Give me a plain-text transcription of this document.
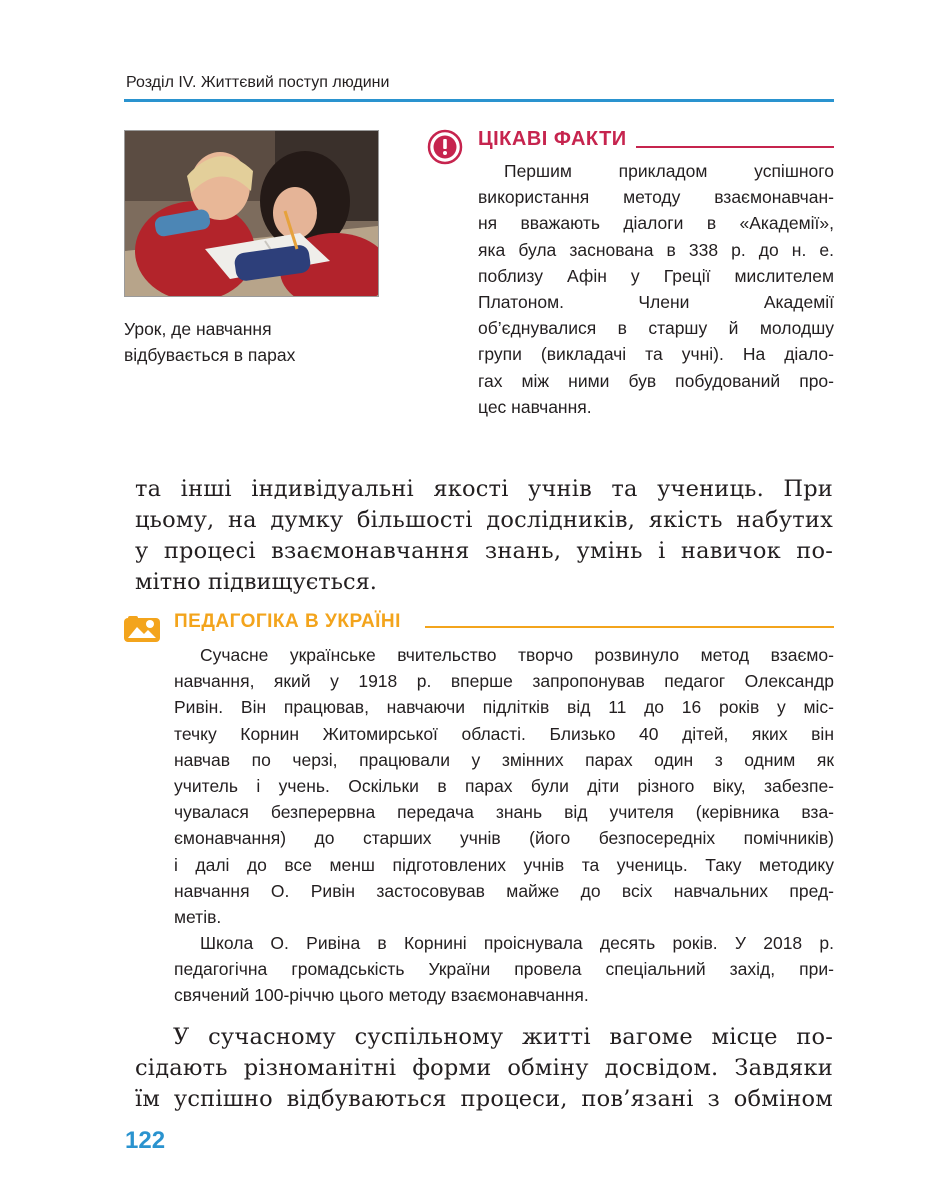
Розділ IV. Життєвий поступ людини
Урок, де навчання
відбувається в парах
ЦІКАВІ ФАКТИ
Першим прикладом успішного
використання методу взаємонавчан-
ня вважають діалоги в «Академії»,
яка була заснована в 338 р. до н. е.
поблизу Афін у Греції мислителем
Платоном. Члени Академії
об’єднувалися в старшу й молодшу
групи (викладачі та учні). На діало-
гах між ними був побудований про-
цес навчання.
та інші індивідуальні якості учнів та учениць. При
цьому, на думку більшості дослідників, якість набутих
у процесі взаємонавчання знань, умінь і навичок по-
мітно підвищується.
ПЕДАГОГІКА В УКРАЇНІ
Сучасне українське вчительство творчо розвинуло метод взаємо-
навчання, який у 1918 р. вперше запропонував педагог Олександр
Ривін. Він працював, навчаючи підлітків від 11 до 16 років у міс-
течку Корнин Житомирської області. Близько 40 дітей, яких він
навчав по черзі, працювали у змінних парах один з одним як
учитель і учень. Оскільки в парах були діти різного віку, забезпе-
чувалася безперервна передача знань від учителя (керівника вза-
ємонавчання) до старших учнів (його безпосередніх помічників)
і далі до все менш підготовлених учнів та учениць. Таку методику
навчання О. Ривін застосовував майже до всіх навчальних пред-
метів.
Школа О. Ривіна в Корнині проіснувала десять років. У 2018 р.
педагогічна громадськість України провела спеціальний захід, при-
свячений 100-річчю цього методу взаємонавчання.
У сучасному суспільному житті вагоме місце по-
сідають різноманітні форми обміну досвідом. Завдяки
їм успішно відбуваються процеси, пов’язані з обміном
122
